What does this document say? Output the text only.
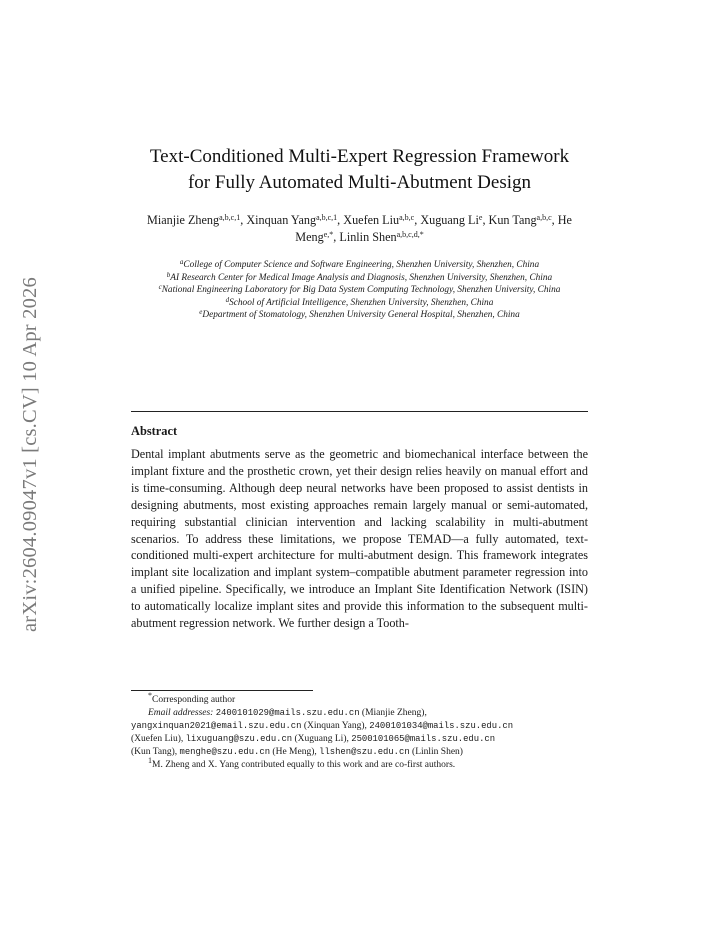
arXiv:2604.09047v1 [cs.CV] 10 Apr 2026
Text-Conditioned Multi-Expert Regression Framework
for Fully Automated Multi-Abutment Design
Mianjie Zheng$^{a,b,c,1}$, Xinquan Yang$^{a,b,c,1}$, Xuefen Liu$^{a,b,c}$, Xuguang Li$^e$, Kun Tang$^{a,b,c}$, He Meng$^{e,*}$, Linlin Shen$^{a,b,c,d,*}$
$^a$College of Computer Science and Software Engineering, Shenzhen University, Shenzhen, China
$^b$AI Research Center for Medical Image Analysis and Diagnosis, Shenzhen University, Shenzhen, China
$^c$National Engineering Laboratory for Big Data System Computing Technology, Shenzhen University, China
$^d$School of Artificial Intelligence, Shenzhen University, Shenzhen, China
$^e$Department of Stomatology, Shenzhen University General Hospital, Shenzhen, China
Abstract
Dental implant abutments serve as the geometric and biomechanical interface between the implant fixture and the prosthetic crown, yet their design relies heavily on manual effort and is time-consuming. Although deep neural networks have been proposed to assist dentists in designing abutments, most existing approaches remain largely manual or semi-automated, requiring substantial clinician intervention and lacking scalability in multi-abutment scenarios. To address these limitations, we propose TEMAD—a fully automated, text-conditioned multi-expert architecture for multi-abutment design. This framework integrates implant site localization and implant system–compatible abutment parameter regression into a unified pipeline. Specifically, we introduce an Implant Site Identification Network (ISIN) to automatically localize implant sites and provide this information to the subsequent multi-abutment regression network. We further design a Tooth-
*Corresponding author
Email addresses: 2400101029@mails.szu.edu.cn (Mianjie Zheng),
yangxinquan2021@email.szu.edu.cn (Xinquan Yang), 2400101034@mails.szu.edu.cn
(Xuefen Liu), lixuguang@szu.edu.cn (Xuguang Li), 2500101065@mails.szu.edu.cn
(Kun Tang), menghe@szu.edu.cn (He Meng), llshen@szu.edu.cn (Linlin Shen)
$^1$M. Zheng and X. Yang contributed equally to this work and are co-first authors.
